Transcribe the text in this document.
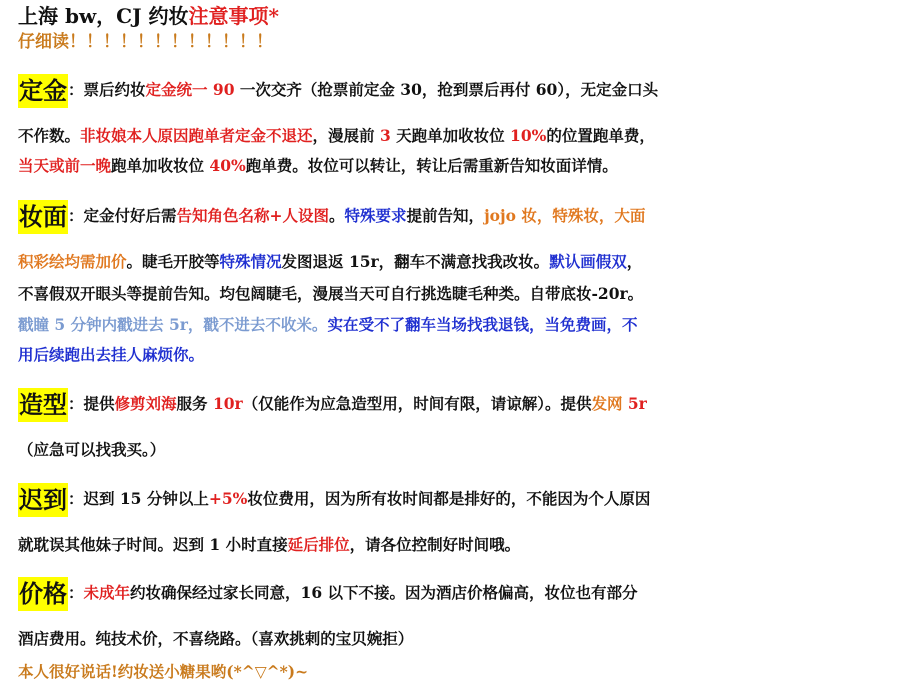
上海 bw，CJ 约妆注意事项*
仔细读！！！！！！！！！！！！
定金：票后约妆定金统一 90 一次交齐（抢票前定金 30，抢到票后再付 60），无定金口头
不作数。非妆娘本人原因跑单者定金不退还，漫展前 3 天跑单加收妆位 10%的位置跑单费，
当天或前一晚跑单加收妆位 40%跑单费。妆位可以转让，转让后需重新告知妆面详情。
妆面：定金付好后需告知角色名称+人设图。特殊要求提前告知，jojo 妆，特殊妆，大面
积彩绘均需加价。睫毛开胶等特殊情况发图退返 15r，翻车不满意找我改妆。默认画假双，
不喜假双开眼头等提前告知。均包阔睫毛，漫展当天可自行挑选睫毛种类。自带底妆-20r。
戳瞳 5 分钟内戳进去 5r，戳不进去不收米。实在受不了翻车当场找我退钱，当免费画，不
用后续跑出去挂人麻烦你。
造型：提供修剪刘海服务 10r（仅能作为应急造型用，时间有限，请谅解）。提供发网 5r
（应急可以找我买。）
迟到：迟到 15 分钟以上+5%妆位费用，因为所有妆时间都是排好的，不能因为个人原因
就耽误其他妹子时间。迟到 1 小时直接延后排位，请各位控制好时间哦。
价格：未成年约妆确保经过家长同意，16 以下不接。因为酒店价格偏高，妆位也有部分
酒店费用。纯技术价，不喜绕路。（喜欢挑剌的宝贝婉拒）
本人很好说话!约妆送小糖果哟(*^▽^*)~
